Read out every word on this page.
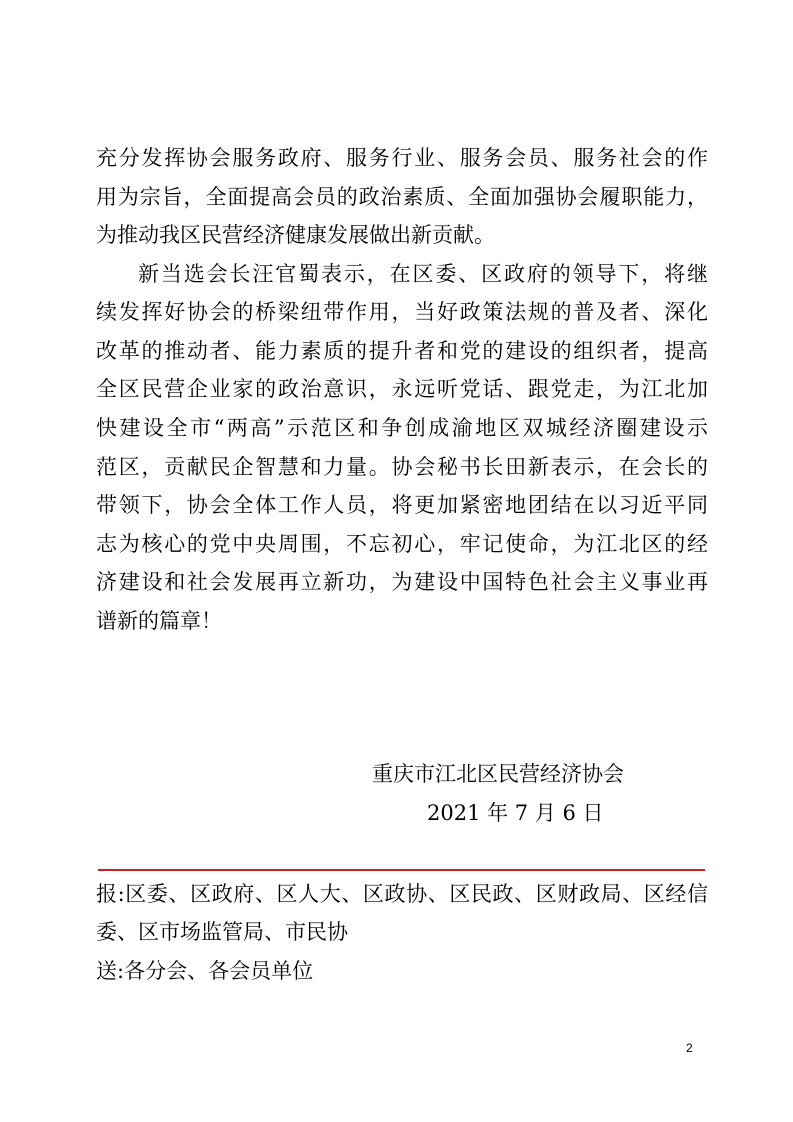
充分发挥协会服务政府、服务行业、服务会员、服务社会的作
用为宗旨，全面提高会员的政治素质、全面加强协会履职能力，
为推动我区民营经济健康发展做出新贡献。
新当选会长汪官蜀表示，在区委、区政府的领导下，将继
续发挥好协会的桥梁纽带作用，当好政策法规的普及者、深化
改革的推动者、能力素质的提升者和党的建设的组织者，提高
全区民营企业家的政治意识，永远听党话、跟党走，为江北加
快建设全市“两高”示范区和争创成渝地区双城经济圈建设示
范区，贡献民企智慧和力量。协会秘书长田新表示，在会长的
带领下，协会全体工作人员，将更加紧密地团结在以习近平同
志为核心的党中央周围，不忘初心，牢记使命，为江北区的经
济建设和社会发展再立新功，为建设中国特色社会主义事业再
谱新的篇章！
重庆市江北区民营经济协会
2021 年 7 月 6 日
报:区委、区政府、区人大、区政协、区民政、区财政局、区经信
委、区市场监管局、市民协
送:各分会、各会员单位
2
